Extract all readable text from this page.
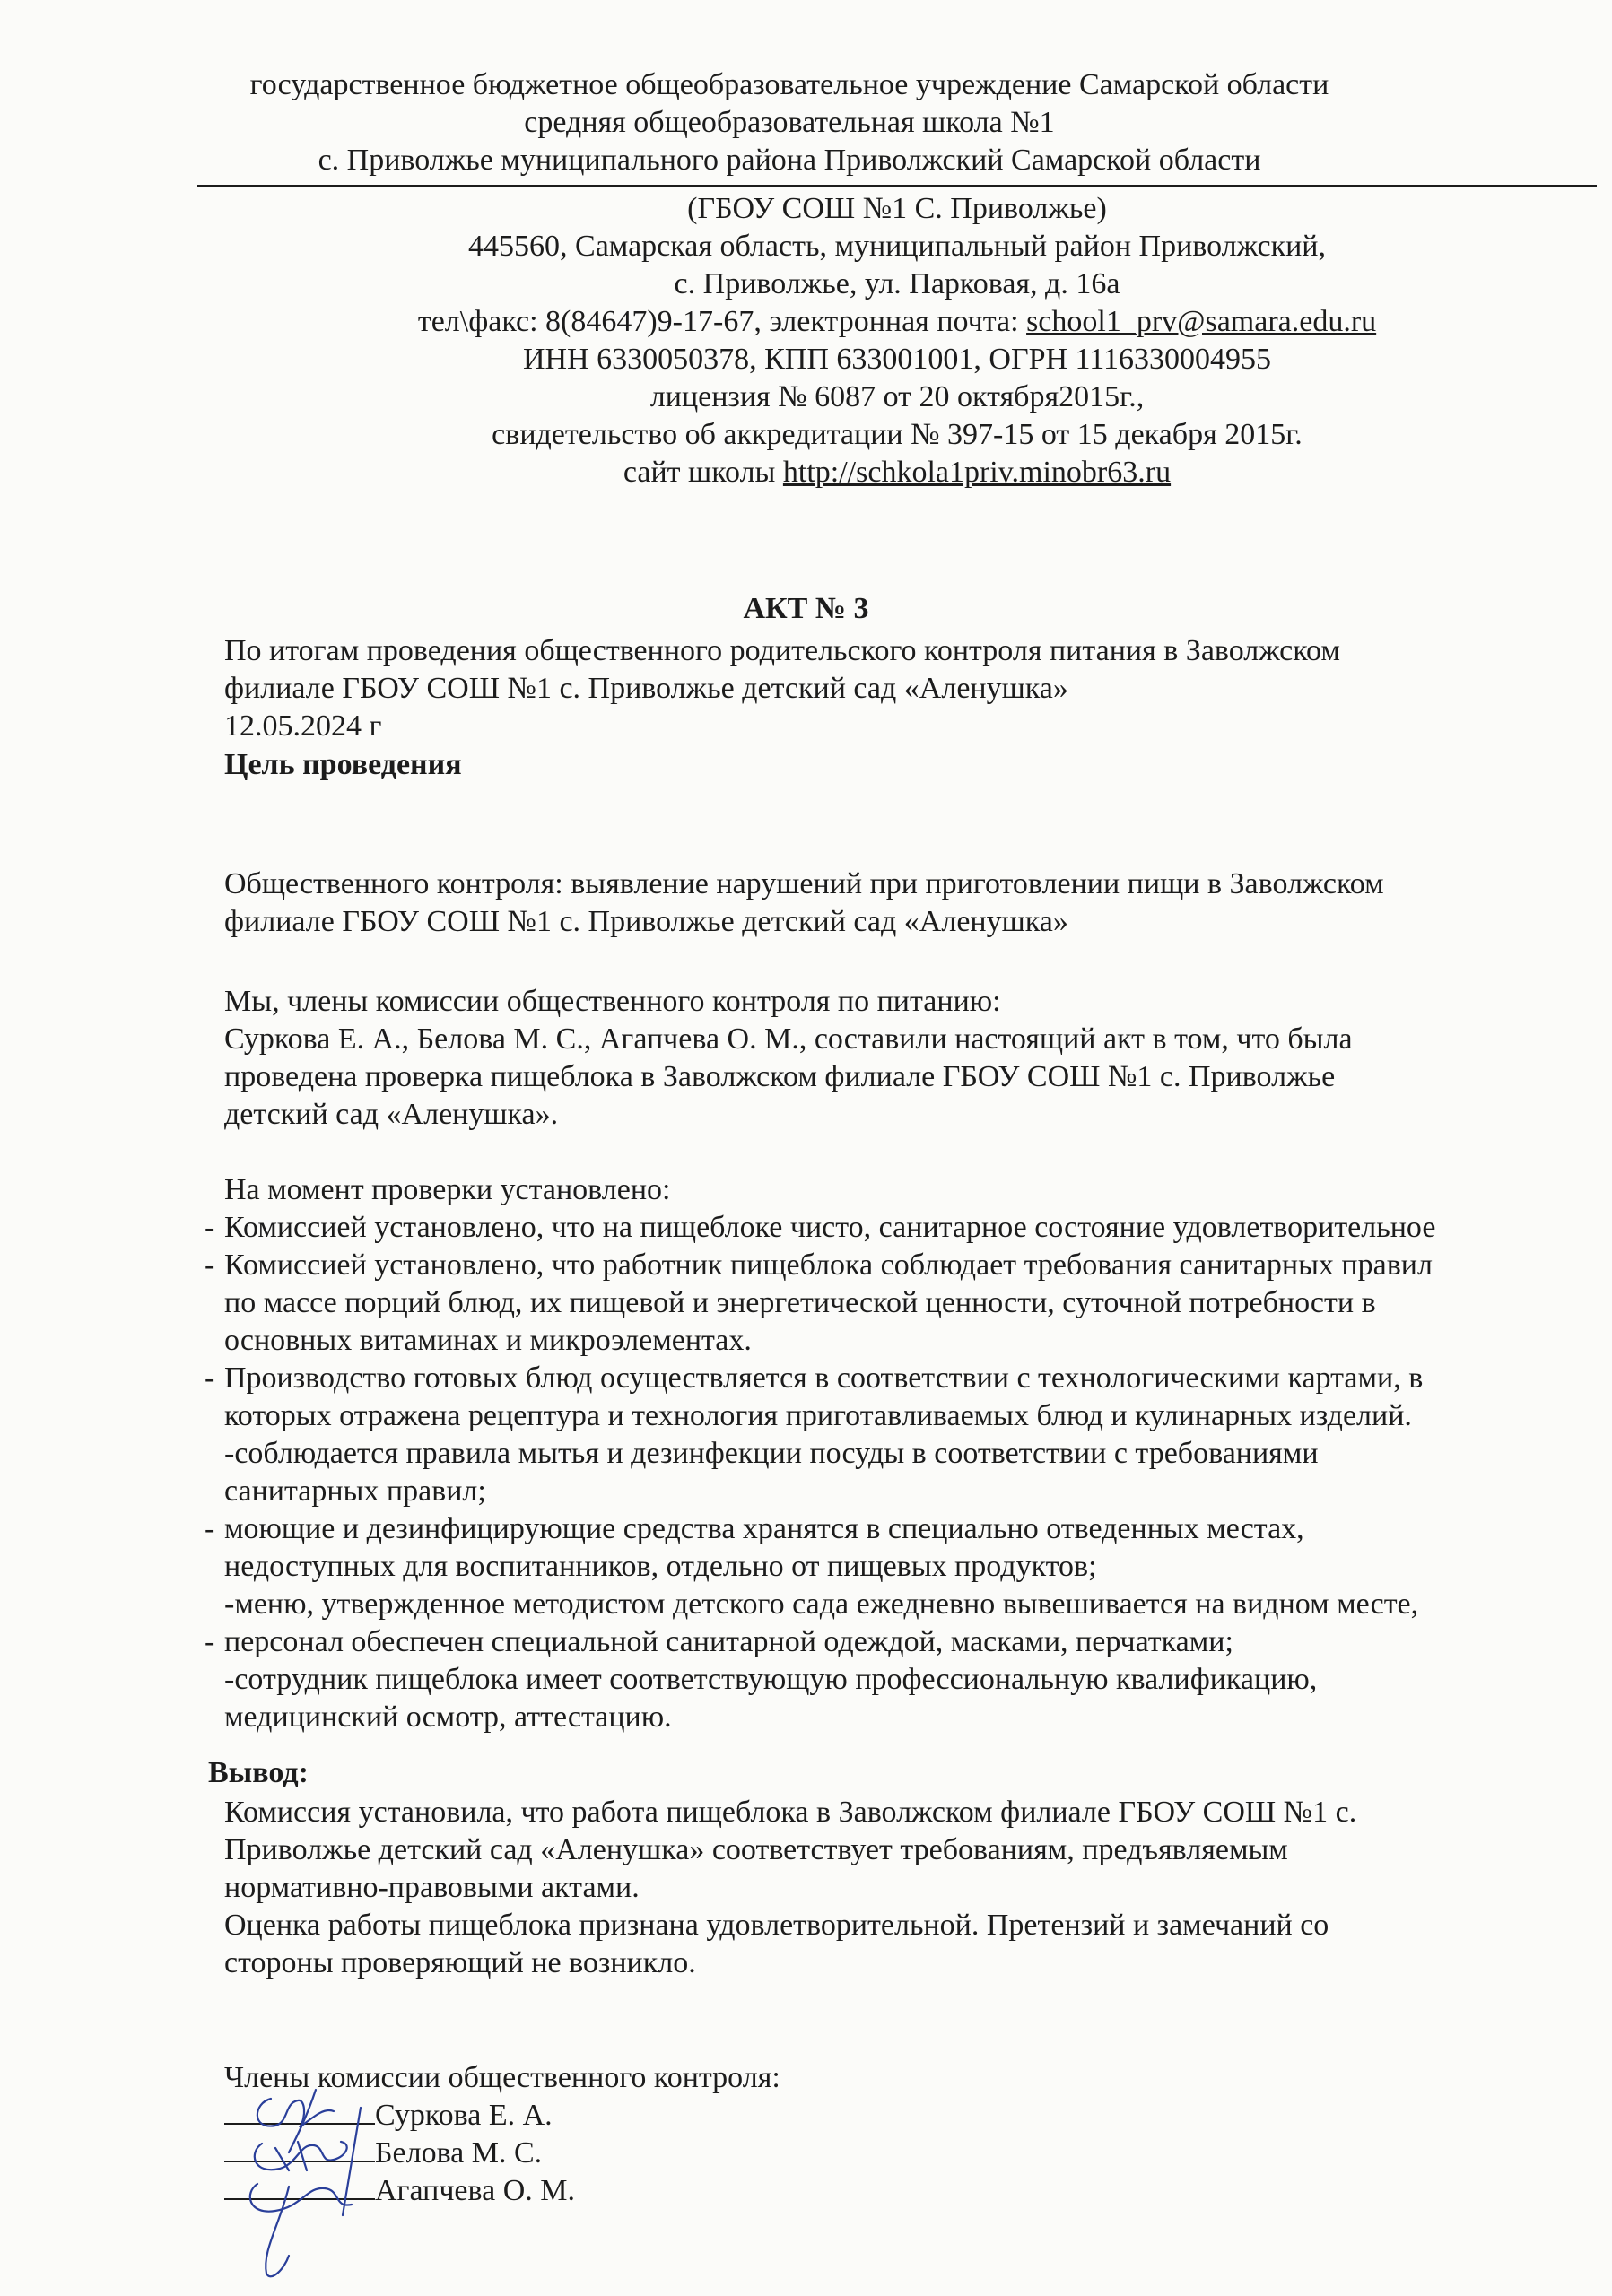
государственное бюджетное общеобразовательное учреждение Самарской области
средняя общеобразовательная школа №1
с. Приволжье муниципального района Приволжский Самарской области
(ГБОУ СОШ №1 С. Приволжье)
445560, Самарская область, муниципальный район Приволжский,
с. Приволжье, ул. Парковая, д. 16а
тел\факс: 8(84647)9-17-67, электронная почта: school1_prv@samara.edu.ru
ИНН 6330050378, КПП 633001001, ОГРН 1116330004955
лицензия № 6087 от 20 октября2015г.,
свидетельство об аккредитации № 397-15 от 15 декабря 2015г.
сайт школы http://schkola1priv.minobr63.ru
АКТ № 3
По итогам проведения общественного родительского контроля питания в Заволжском
филиале ГБОУ СОШ №1 с. Приволжье детский сад «Аленушка»
12.05.2024 г
Цель проведения
Общественного контроля: выявление нарушений при приготовлении пищи в Заволжском
филиале ГБОУ СОШ №1 с. Приволжье детский сад «Аленушка»
Мы, члены комиссии общественного контроля по питанию:
Суркова Е. А., Белова М. С., Агапчева О. М., составили настоящий акт в том, что была
проведена проверка пищеблока в Заволжском филиале ГБОУ СОШ №1 с. Приволжье
детский сад «Аленушка».
На момент проверки установлено:
- Комиссией установлено, что на пищеблоке чисто, санитарное состояние удовлетворительное
- Комиссией установлено, что работник пищеблока соблюдает требования санитарных правил
по массе порций блюд, их пищевой и энергетической ценности, суточной потребности в
основных витаминах и микроэлементах.
- Производство готовых блюд осуществляется в соответствии с технологическими картами, в
которых отражена рецептура и технология приготавливаемых блюд и кулинарных изделий.
-соблюдается правила мытья и дезинфекции посуды в соответствии с требованиями
санитарных правил;
- моющие и дезинфицирующие средства хранятся в специально отведенных местах,
недоступных для воспитанников, отдельно от пищевых продуктов;
-меню, утвержденное методистом детского сада ежедневно вывешивается на видном месте,
- персонал обеспечен специальной санитарной одеждой, масками, перчатками;
-сотрудник пищеблока имеет соответствующую профессиональную квалификацию,
медицинский осмотр, аттестацию.
Вывод:
Комиссия установила, что работа пищеблока в Заволжском филиале ГБОУ СОШ №1 с.
Приволжье детский сад «Аленушка» соответствует требованиям, предъявляемым
нормативно-правовыми актами.
Оценка работы пищеблока признана удовлетворительной. Претензий и замечаний со
стороны проверяющий не возникло.
Члены комиссии общественного контроля:
Суркова Е. А.
Белова М. С.
Агапчева О. М.
